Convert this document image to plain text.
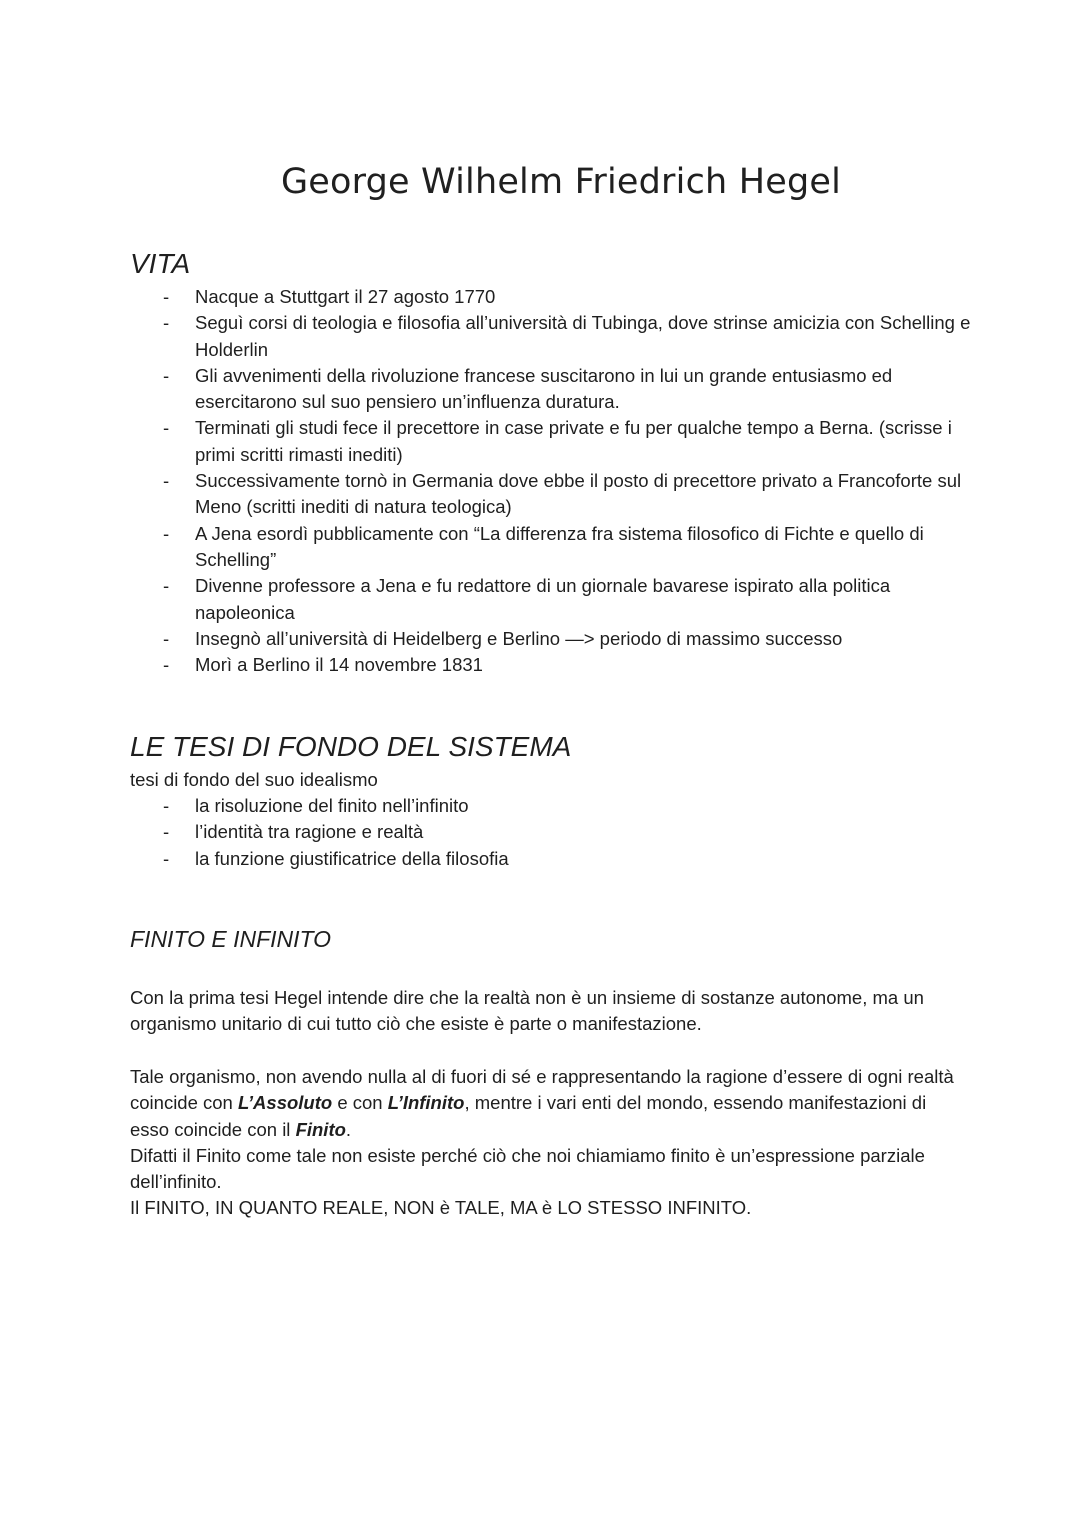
George Wilhelm Friedrich Hegel
VITA
- Nacque a Stuttgart il 27 agosto 1770
- Seguì corsi di teologia e filosofia all’università di Tubinga, dove strinse amicizia con Schelling e Holderlin
- Gli avvenimenti della rivoluzione francese suscitarono in lui un grande entusiasmo ed esercitarono sul suo pensiero un’influenza duratura.
- Terminati gli studi fece il precettore in case private e fu per qualche tempo a Berna. (scrisse i primi scritti rimasti inediti)
- Successivamente tornò in Germania dove ebbe il posto di precettore privato a Francoforte sul Meno (scritti inediti di natura teologica)
- A Jena esordì pubblicamente con “La differenza fra sistema filosofico di Fichte e quello di Schelling”
- Divenne professore a Jena e fu redattore di un giornale bavarese ispirato alla politica napoleonica
- Insegnò all’università di Heidelberg e Berlino —> periodo di massimo successo
- Morì a Berlino il 14 novembre 1831
LE TESI DI FONDO DEL SISTEMA

tesi di fondo del suo idealismo

- la risoluzione del finito nell’infinito
- l’identità tra ragione e realtà
- la funzione giustificatrice della filosofia
FINITO E INFINITO

Con la prima tesi Hegel intende dire che la realtà non è un insieme di sostanze autonome, ma un organismo unitario di cui tutto ciò che esiste è parte o manifestazione.

Tale organismo, non avendo nulla al di fuori di sé e rappresentando la ragione d’essere di ogni realtà coincide con L’Assoluto e con L’Infinito, mentre i vari enti del mondo, essendo manifestazioni di esso coincide con il Finito.
Difatti il Finito come tale non esiste perché ciò che noi chiamiamo finito è un’espressione parziale dell’infinito.
Il FINITO, IN QUANTO REALE, NON è TALE, MA è LO STESSO INFINITO.
